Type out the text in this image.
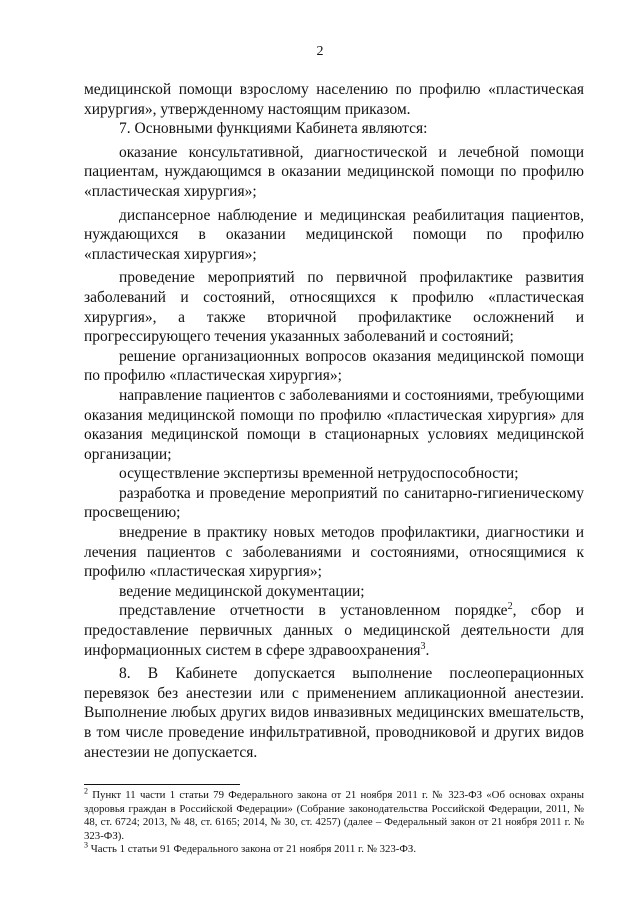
2

медицинской помощи взрослому населению по профилю «пластическая хирургия», утвержденному настоящим приказом.

7. Основными функциями Кабинета являются:

оказание консультативной, диагностической и лечебной помощи пациентам, нуждающимся в оказании медицинской помощи по профилю «пластическая хирургия»;

диспансерное наблюдение и медицинская реабилитация пациентов, нуждающихся в оказании медицинской помощи по профилю «пластическая хирургия»;

проведение мероприятий по первичной профилактике развития заболеваний и состояний, относящихся к профилю «пластическая хирургия», а также вторичной профилактике осложнений и прогрессирующего течения указанных заболеваний и состояний;

решение организационных вопросов оказания медицинской помощи по профилю «пластическая хирургия»;

направление пациентов с заболеваниями и состояниями, требующими оказания медицинской помощи по профилю «пластическая хирургия» для оказания медицинской помощи в стационарных условиях медицинской организации;

осуществление экспертизы временной нетрудоспособности;

разработка и проведение мероприятий по санитарно-гигиеническому просвещению;

внедрение в практику новых методов профилактики, диагностики и лечения пациентов с заболеваниями и состояниями, относящимися к профилю «пластическая хирургия»;

ведение медицинской документации;

представление отчетности в установленном порядке$^2$, сбор и предоставление первичных данных о медицинской деятельности для информационных систем в сфере здравоохранения$^3$.

8. В Кабинете допускается выполнение послеоперационных перевязок без анестезии или с применением апликационной анестезии. Выполнение любых других видов инвазивных медицинских вмешательств, в том числе проведение инфильтративной, проводниковой и других видов анестезии не допускается.

$^2$ Пункт 11 части 1 статьи 79 Федерального закона от 21 ноября 2011 г. № 323-ФЗ «Об основах охраны здоровья граждан в Российской Федерации» (Собрание законодательства Российской Федерации, 2011, № 48, ст. 6724; 2013, № 48, ст. 6165; 2014, № 30, ст. 4257) (далее – Федеральный закон от 21 ноября 2011 г. № 323-ФЗ).

$^3$ Часть 1 статьи 91 Федерального закона от 21 ноября 2011 г. № 323-ФЗ.
